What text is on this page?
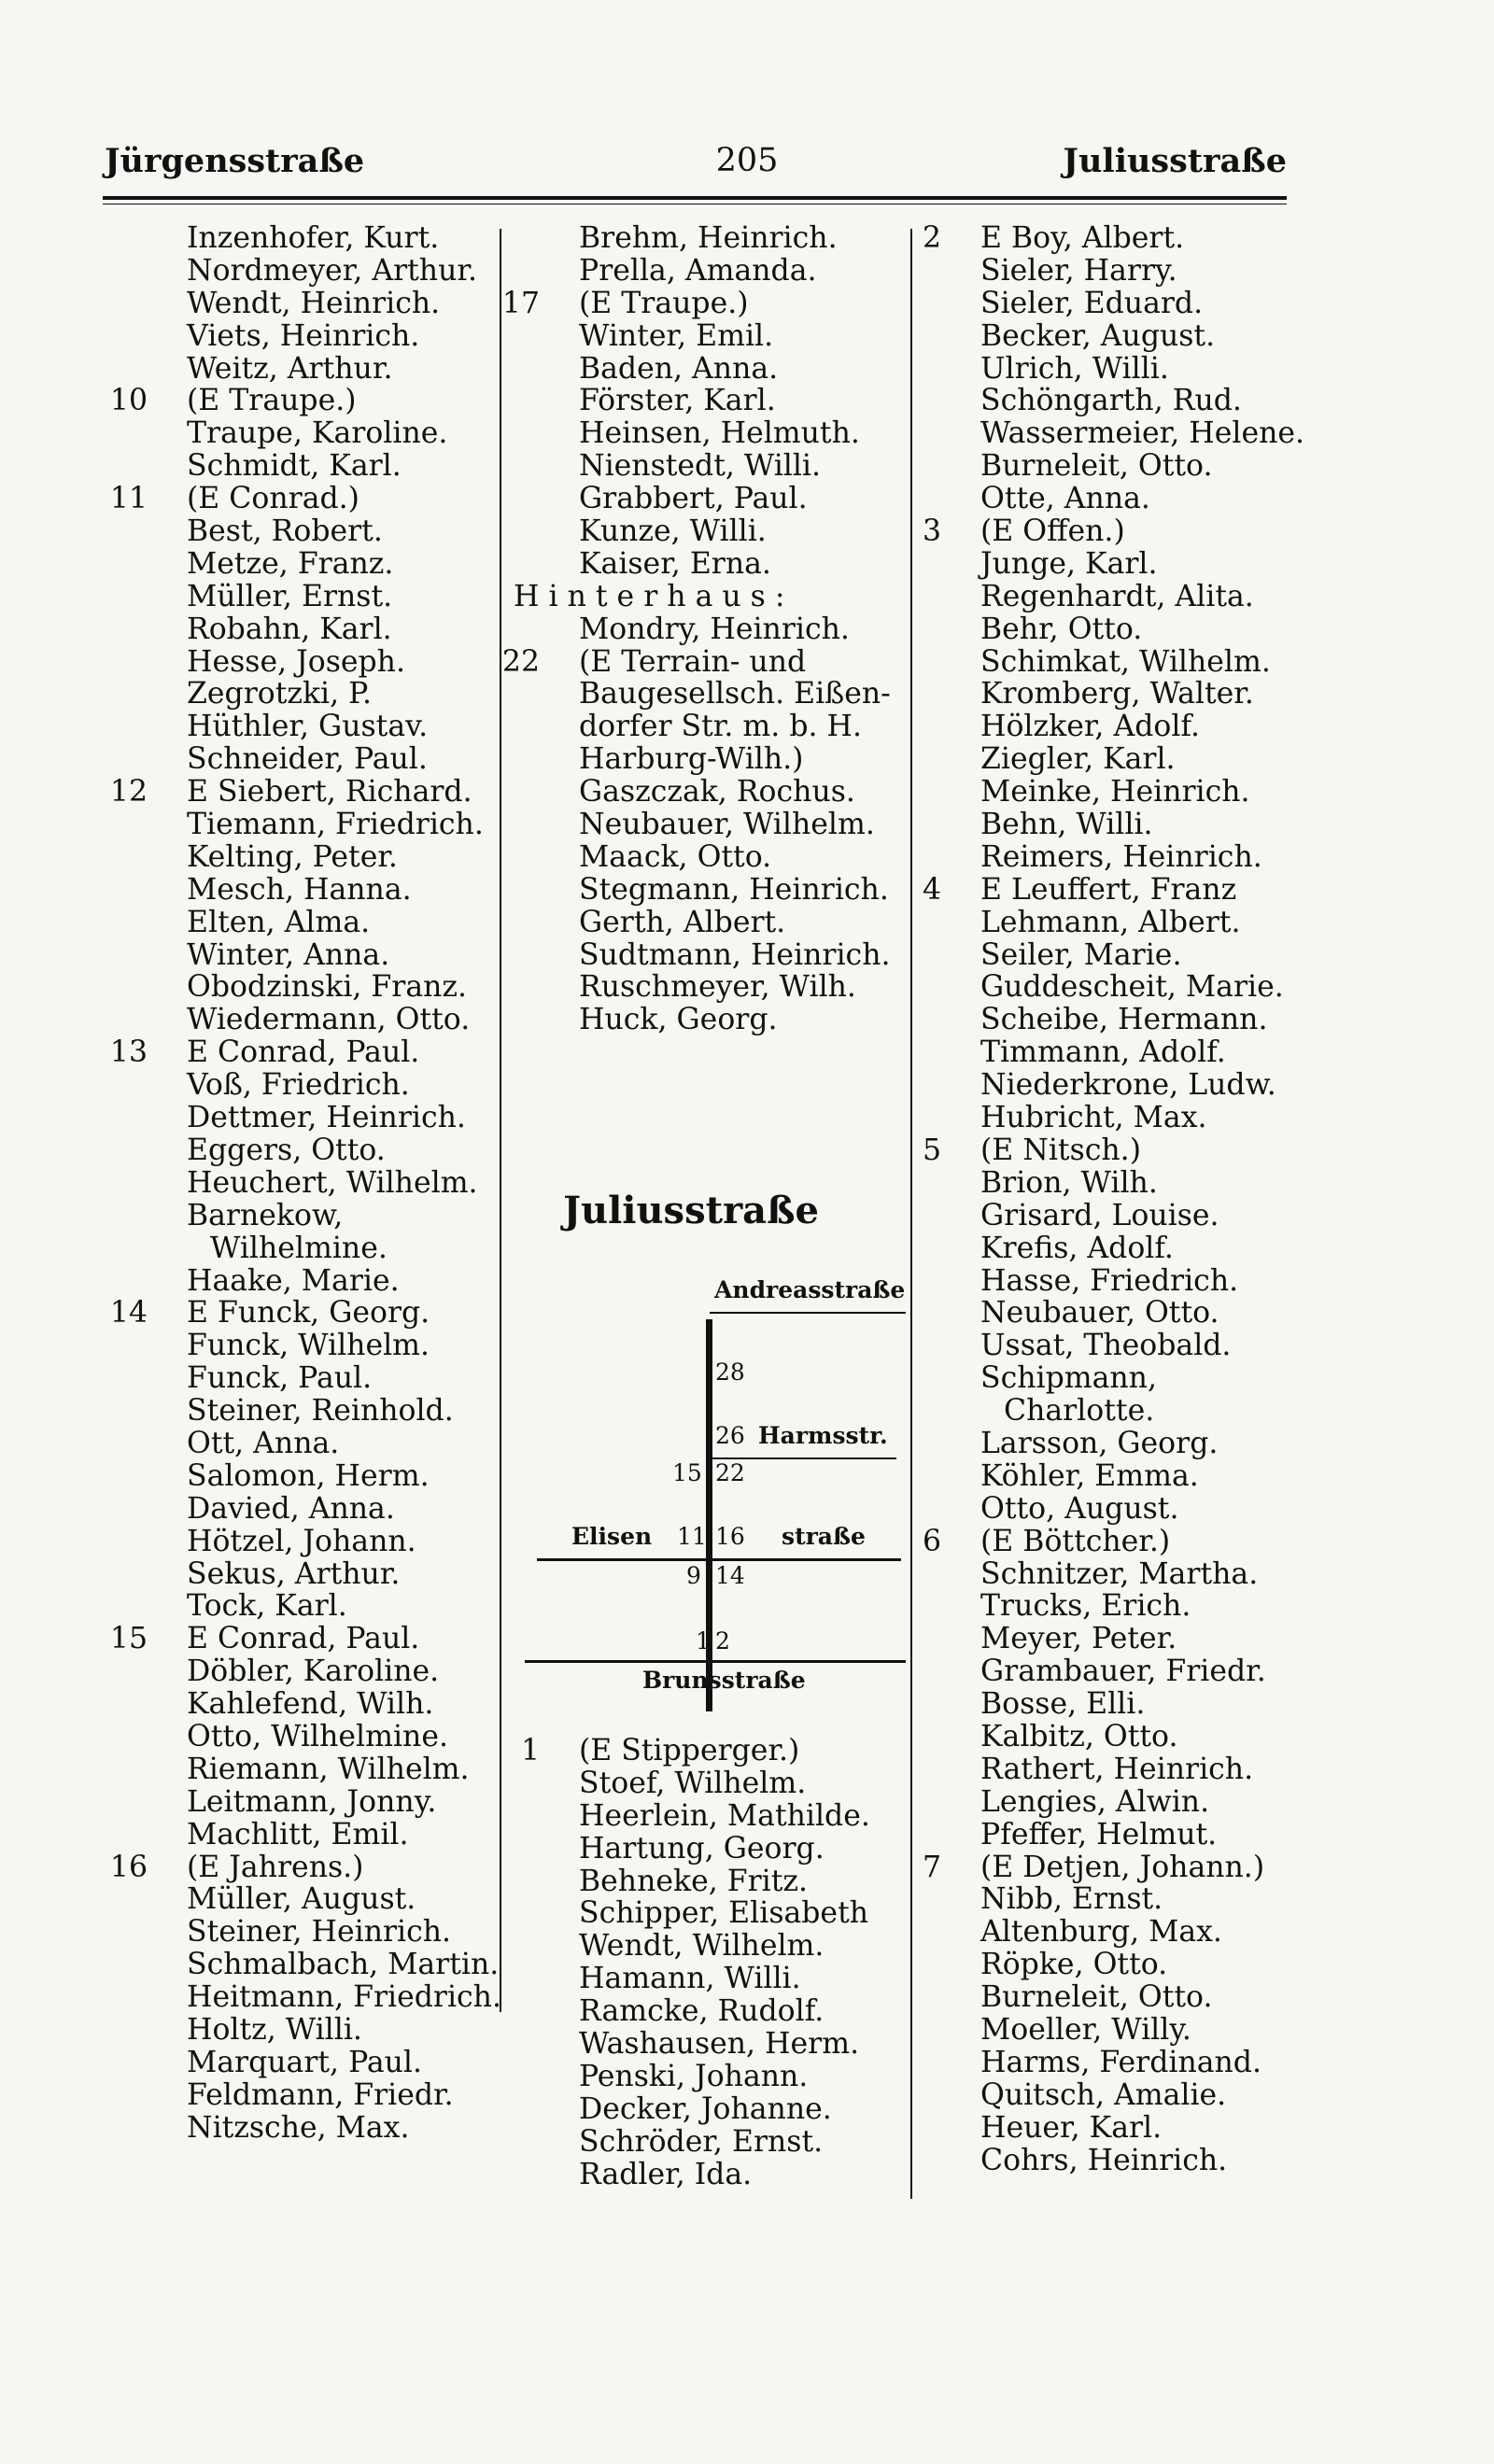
Jürgensstraße	205	Juliusstraße
Inzenhofer, Kurt.
Nordmeyer, Arthur.
Wendt, Heinrich.
Viets, Heinrich.
Weitz, Arthur.
10 (E Traupe.)
Traupe, Karoline.
Schmidt, Karl.
11 (E Conrad.)
Best, Robert.
Metze, Franz.
Müller, Ernst.
Robahn, Karl.
Hesse, Joseph.
Zegrotzki, P.
Hüthler, Gustav.
Schneider, Paul.
12 E Siebert, Richard.
Tiemann, Friedrich.
Kelting, Peter.
Mesch, Hanna.
Elten, Alma.
Winter, Anna.
Obodzinski, Franz.
Wiedermann, Otto.
13 E Conrad, Paul.
Voß, Friedrich.
Dettmer, Heinrich.
Eggers, Otto.
Heuchert, Wilhelm.
Barnekow,
Wilhelmine.
Haake, Marie.
14 E Funck, Georg.
Funck, Wilhelm.
Funck, Paul.
Steiner, Reinhold.
Ott, Anna.
Salomon, Herm.
Davied, Anna.
Hötzel, Johann.
Sekus, Arthur.
Tock, Karl.
15 E Conrad, Paul.
Döbler, Karoline.
Kahlefend, Wilh.
Otto, Wilhelmine.
Riemann, Wilhelm.
Leitmann, Jonny.
Machlitt, Emil.
16 (E Jahrens.)
Müller, August.
Steiner, Heinrich.
Schmalbach, Martin.
Heitmann, Friedrich.
Holtz, Willi.
Marquart, Paul.
Feldmann, Friedr.
Nitzsche, Max.
Brehm, Heinrich.
Prella, Amanda.
17 (E Traupe.)
Winter, Emil.
Baden, Anna.
Förster, Karl.
Heinsen, Helmuth.
Nienstedt, Willi.
Grabbert, Paul.
Kunze, Willi.
Kaiser, Erna.
H i n t e r h a u s :
Mondry, Heinrich.
22 (E Terrain- und
Baugesellsch. Eißen-
dorfer Str. m. b. H.
Harburg-Wilh.)
Gaszczak, Rochus.
Neubauer, Wilhelm.
Maack, Otto.
Stegmann, Heinrich.
Gerth, Albert.
Sudtmann, Heinrich.
Ruschmeyer, Wilh.
Huck, Georg.
1 (E Stipperger.)
Stoef, Wilhelm.
Heerlein, Mathilde.
Hartung, Georg.
Behneke, Fritz.
Schipper, Elisabeth
Wendt, Wilhelm.
Hamann, Willi.
Ramcke, Rudolf.
Washausen, Herm.
Penski, Johann.
Decker, Johanne.
Schröder, Ernst.
Radler, Ida.
2 E Boy, Albert.
Sieler, Harry.
Sieler, Eduard.
Becker, August.
Ulrich, Willi.
Schöngarth, Rud.
Wassermeier, Helene.
Burneleit, Otto.
Otte, Anna.
3 (E Offen.)
Junge, Karl.
Regenhardt, Alita.
Behr, Otto.
Schimkat, Wilhelm.
Kromberg, Walter.
Hölzker, Adolf.
Ziegler, Karl.
Meinke, Heinrich.
Behn, Willi.
Reimers, Heinrich.
4 E Leuffert, Franz
Lehmann, Albert.
Seiler, Marie.
Guddescheit, Marie.
Scheibe, Hermann.
Timmann, Adolf.
Niederkrone, Ludw.
Hubricht, Max.
5 (E Nitsch.)
Brion, Wilh.
Grisard, Louise.
Krefis, Adolf.
Hasse, Friedrich.
Neubauer, Otto.
Ussat, Theobald.
Schipmann,
Charlotte.
Larsson, Georg.
Köhler, Emma.
Otto, August.
6 (E Böttcher.)
Schnitzer, Martha.
Trucks, Erich.
Meyer, Peter.
Grambauer, Friedr.
Bosse, Elli.
Kalbitz, Otto.
Rathert, Heinrich.
Lengies, Alwin.
Pfeffer, Helmut.
7 (E Detjen, Johann.)
Nibb, Ernst.
Altenburg, Max.
Röpke, Otto.
Burneleit, Otto.
Moeller, Willy.
Harms, Ferdinand.
Quitsch, Amalie.
Heuer, Karl.
Cohrs, Heinrich.
Juliusstraße
Andreasstraße
28
26 Harmsstr.
15 22
Elisen 11 16 straße
9 14
1 2
Brunsstraße
